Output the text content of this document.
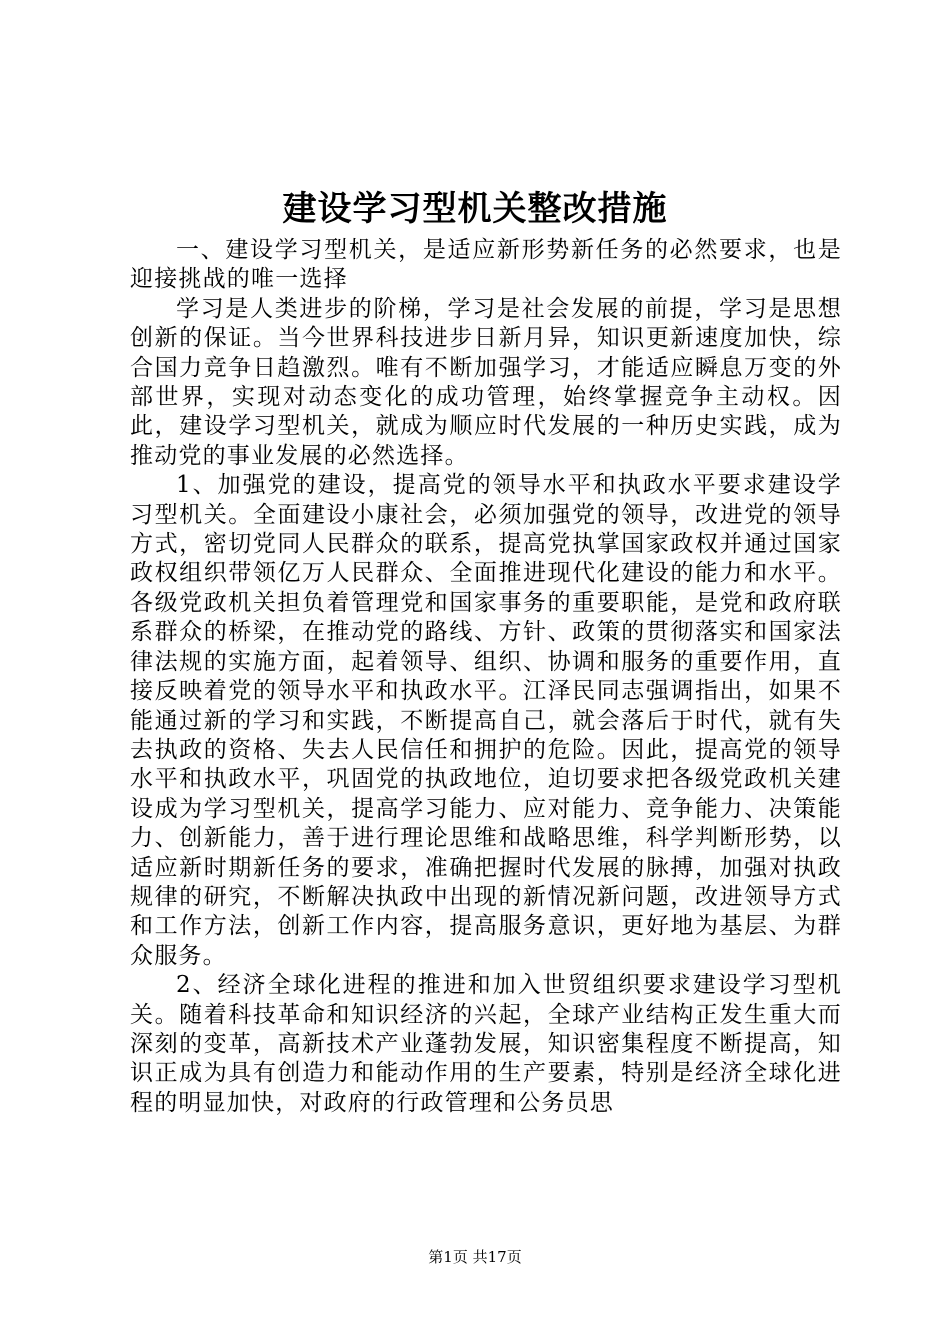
建设学习型机关整改措施

一、建设学习型机关，是适应新形势新任务的必然要求，也是迎接挑战的唯一选择

学习是人类进步的阶梯，学习是社会发展的前提，学习是思想创新的保证。当今世界科技进步日新月异，知识更新速度加快，综合国力竞争日趋激烈。唯有不断加强学习，才能适应瞬息万变的外部世界，实现对动态变化的成功管理，始终掌握竞争主动权。因此，建设学习型机关，就成为顺应时代发展的一种历史实践，成为推动党的事业发展的必然选择。

1、加强党的建设，提高党的领导水平和执政水平要求建设学习型机关。全面建设小康社会，必须加强党的领导，改进党的领导方式，密切党同人民群众的联系，提高党执掌国家政权并通过国家政权组织带领亿万人民群众、全面推进现代化建设的能力和水平。各级党政机关担负着管理党和国家事务的重要职能，是党和政府联系群众的桥梁，在推动党的路线、方针、政策的贯彻落实和国家法律法规的实施方面，起着领导、组织、协调和服务的重要作用，直接反映着党的领导水平和执政水平。江泽民同志强调指出，如果不能通过新的学习和实践，不断提高自己，就会落后于时代，就有失去执政的资格、失去人民信任和拥护的危险。因此，提高党的领导水平和执政水平，巩固党的执政地位，迫切要求把各级党政机关建设成为学习型机关，提高学习能力、应对能力、竞争能力、决策能力、创新能力，善于进行理论思维和战略思维，科学判断形势，以适应新时期新任务的要求，准确把握时代发展的脉搏，加强对执政规律的研究，不断解决执政中出现的新情况新问题，改进领导方式和工作方法，创新工作内容，提高服务意识，更好地为基层、为群众服务。

2、经济全球化进程的推进和加入世贸组织要求建设学习型机关。随着科技革命和知识经济的兴起，全球产业结构正发生重大而深刻的变革，高新技术产业蓬勃发展，知识密集程度不断提高，知识正成为具有创造力和能动作用的生产要素，特别是经济全球化进程的明显加快，对政府的行政管理和公务员思

第1页 共17页
